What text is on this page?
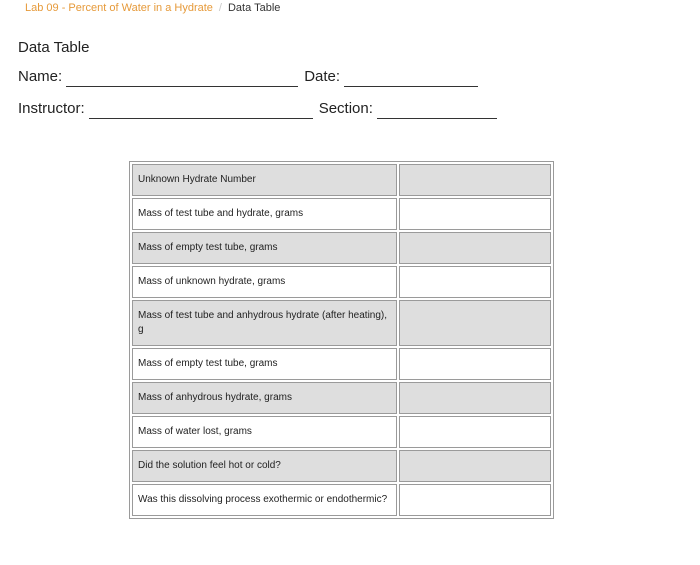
Lab 09 - Percent of Water in a Hydrate / Data Table
Data Table
Name:	Date:
Instructor:	Section:
Unknown Hydrate Number	
Mass of test tube and hydrate, grams	
Mass of empty test tube, grams	
Mass of unknown hydrate, grams	
Mass of test tube and anhydrous hydrate (after heating), g	
Mass of empty test tube, grams	
Mass of anhydrous hydrate, grams	
Mass of water lost, grams	
Did the solution feel hot or cold?	
Was this dissolving process exothermic or endothermic?	
